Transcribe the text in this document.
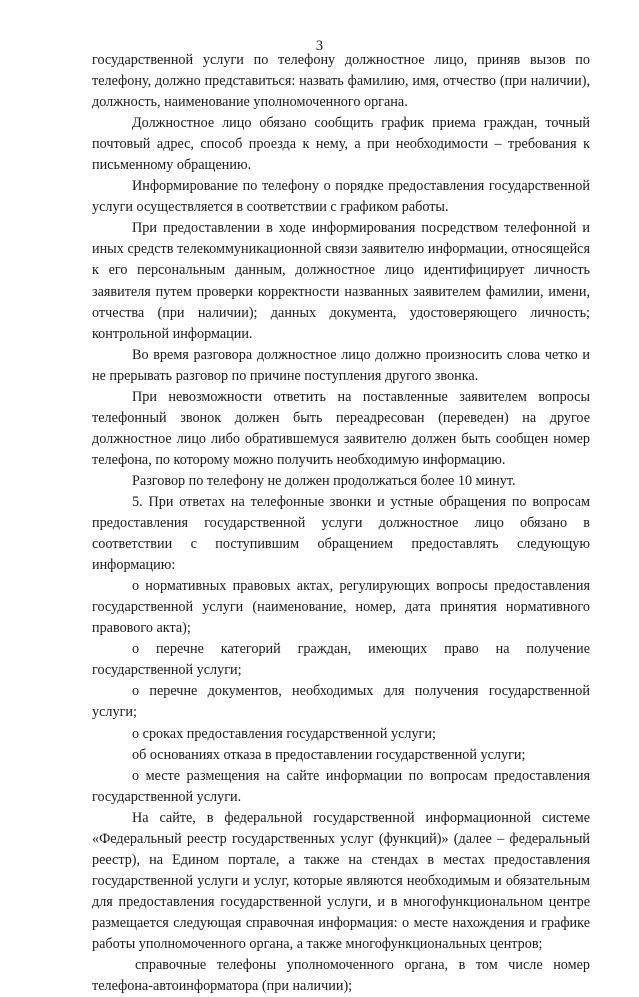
3

государственной услуги по телефону должностное лицо, приняв вызов по телефону, должно представиться: назвать фамилию, имя, отчество (при наличии), должность, наименование уполномоченного органа.

Должностное лицо обязано сообщить график приема граждан, точный почтовый адрес, способ проезда к нему, а при необходимости – требования к письменному обращению.

Информирование по телефону о порядке предоставления государственной услуги осуществляется в соответствии с графиком работы.

При предоставлении в ходе информирования посредством телефонной и иных средств телекоммуникационной связи заявителю информации, относящейся к его персональным данным, должностное лицо идентифицирует личность заявителя путем проверки корректности названных заявителем фамилии, имени, отчества (при наличии); данных документа, удостоверяющего личность; контрольной информации.

Во время разговора должностное лицо должно произносить слова четко и не прерывать разговор по причине поступления другого звонка.

При невозможности ответить на поставленные заявителем вопросы телефонный звонок должен быть переадресован (переведен) на другое должностное лицо либо обратившемуся заявителю должен быть сообщен номер телефона, по которому можно получить необходимую информацию.

Разговор по телефону не должен продолжаться более 10 минут.

5. При ответах на телефонные звонки и устные обращения по вопросам предоставления государственной услуги должностное лицо обязано в соответствии с поступившим обращением предоставлять следующую информацию:

о нормативных правовых актах, регулирующих вопросы предоставления государственной услуги (наименование, номер, дата принятия нормативного правового акта);

о перечне категорий граждан, имеющих право на получение государственной услуги;

о перечне документов, необходимых для получения государственной услуги;

о сроках предоставления государственной услуги;

об основаниях отказа в предоставлении государственной услуги;

о месте размещения на сайте информации по вопросам предоставления государственной услуги.

На сайте, в федеральной государственной информационной системе «Федеральный реестр государственных услуг (функций)» (далее – федеральный реестр), на Едином портале, а также на стендах в местах предоставления государственной услуги и услуг, которые являются необходимым и обязательным для предоставления государственной услуги, и в многофункциональном центре размещается следующая справочная информация: о месте нахождения и графике работы уполномоченного органа, а также многофункциональных центров;

справочные телефоны уполномоченного органа, в том числе номер телефона-автоинформатора (при наличии);
